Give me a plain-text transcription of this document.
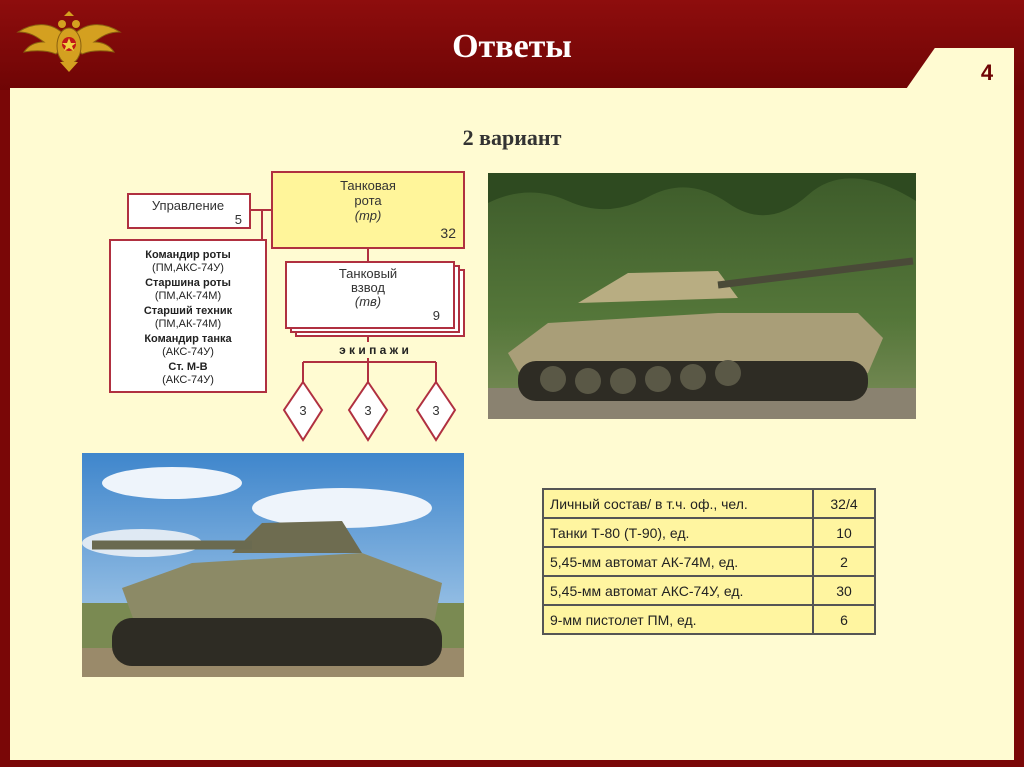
Ответы
4
2 вариант
Управление
5
Танковая
рота
(тр)
32
Командир роты
(ПМ,АКС-74У)
Старшина роты
(ПМ,АК-74М)
Старший техник
(ПМ,АК-74М)
Командир танка
(АКС-74У)
Ст. М-В
(АКС-74У)
Танковый
взвод
(тв)
9
э к и п а ж и
3	3	3
Личный состав/ в т.ч. оф., чел.	32/4
Танки Т-80 (Т-90), ед.	10
5,45-мм автомат АК-74М, ед.	2
5,45-мм автомат АКС-74У, ед.	30
9-мм пистолет ПМ, ед.	6
